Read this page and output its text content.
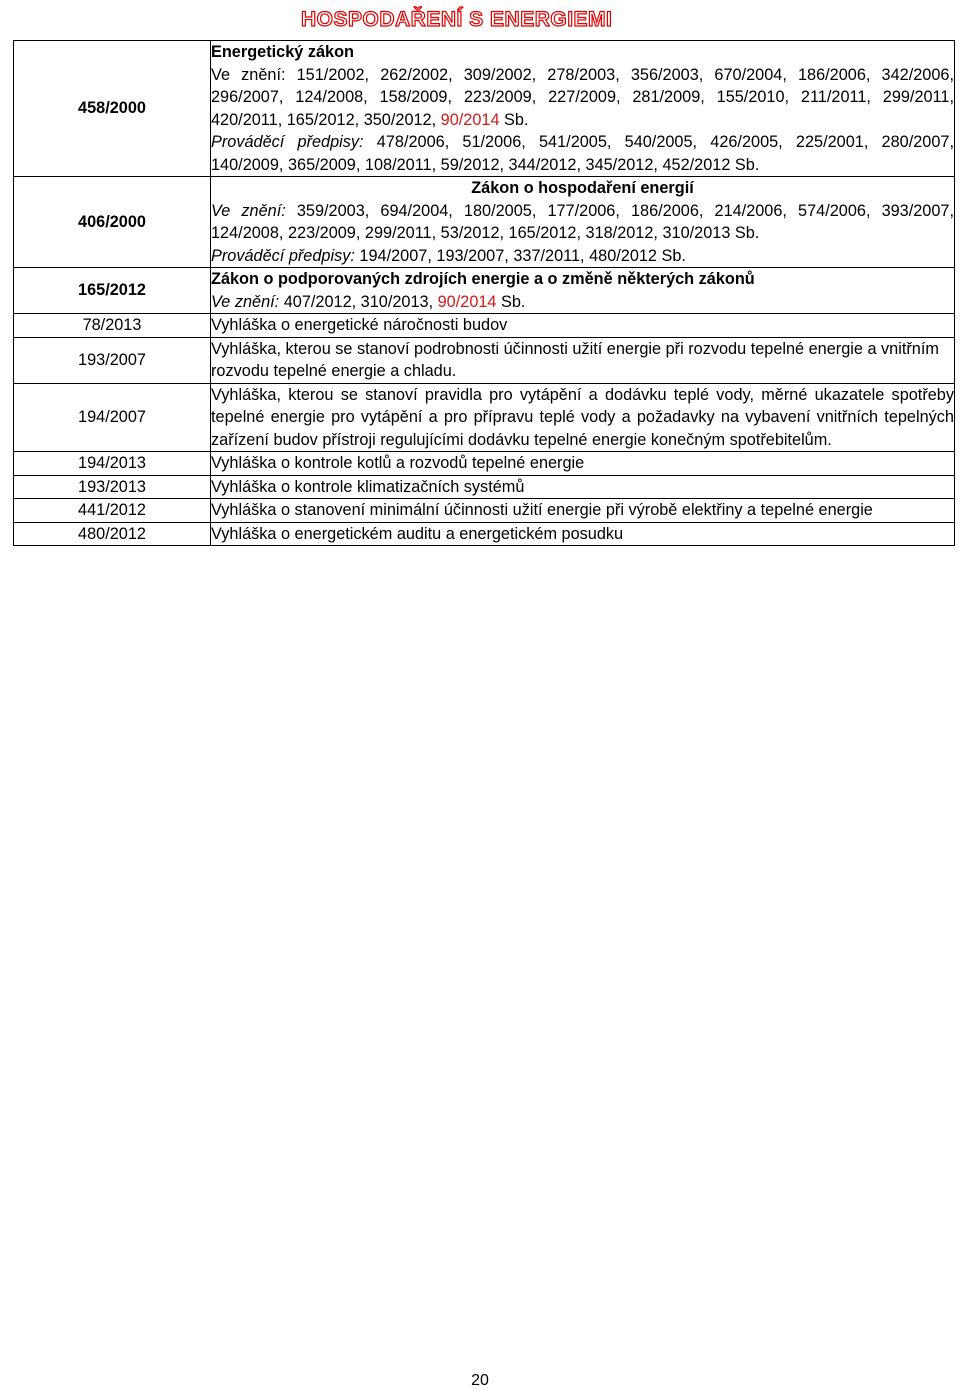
HOSPODAŘENÍ S ENERGIEMI
458/2000	Energetický zákon
Ve znění: 151/2002, 262/2002, 309/2002, 278/2003, 356/2003, 670/2004, 186/2006, 342/2006, 296/2007, 124/2008, 158/2009, 223/2009, 227/2009, 281/2009, 155/2010, 211/2011, 299/2011, 420/2011, 165/2012, 350/2012, 90/2014 Sb.
Prováděcí předpisy: 478/2006, 51/2006, 541/2005, 540/2005, 426/2005, 225/2001, 280/2007, 140/2009, 365/2009, 108/2011, 59/2012, 344/2012, 345/2012, 452/2012 Sb.

406/2000	Zákon o hospodaření energií
Ve znění: 359/2003, 694/2004, 180/2005, 177/2006, 186/2006, 214/2006, 574/2006, 393/2007, 124/2008, 223/2009, 299/2011, 53/2012, 165/2012, 318/2012, 310/2013 Sb.
Prováděcí předpisy: 194/2007, 193/2007, 337/2011, 480/2012 Sb.

165/2012	Zákon o podporovaných zdrojích energie a o změně některých zákonů
Ve znění: 407/2012, 310/2013, 90/2014 Sb.

78/2013	Vyhláška o energetické náročnosti budov
193/2007	Vyhláška, kterou se stanoví podrobnosti účinnosti užití energie při rozvodu tepelné energie a vnitřním rozvodu tepelné energie a chladu.
194/2007	Vyhláška, kterou se stanoví pravidla pro vytápění a dodávku teplé vody, měrné ukazatele spotřeby tepelné energie pro vytápění a pro přípravu teplé vody a požadavky na vybavení vnitřních tepelných zařízení budov přístroji regulujícími dodávku tepelné energie konečným spotřebitelům.
194/2013	Vyhláška o kontrole kotlů a rozvodů tepelné energie
193/2013	Vyhláška o kontrole klimatizačních systémů
441/2012	Vyhláška o stanovení minimální účinnosti užití energie při výrobě elektřiny a tepelné energie
480/2012	Vyhláška o energetickém auditu a energetickém posudku
20
